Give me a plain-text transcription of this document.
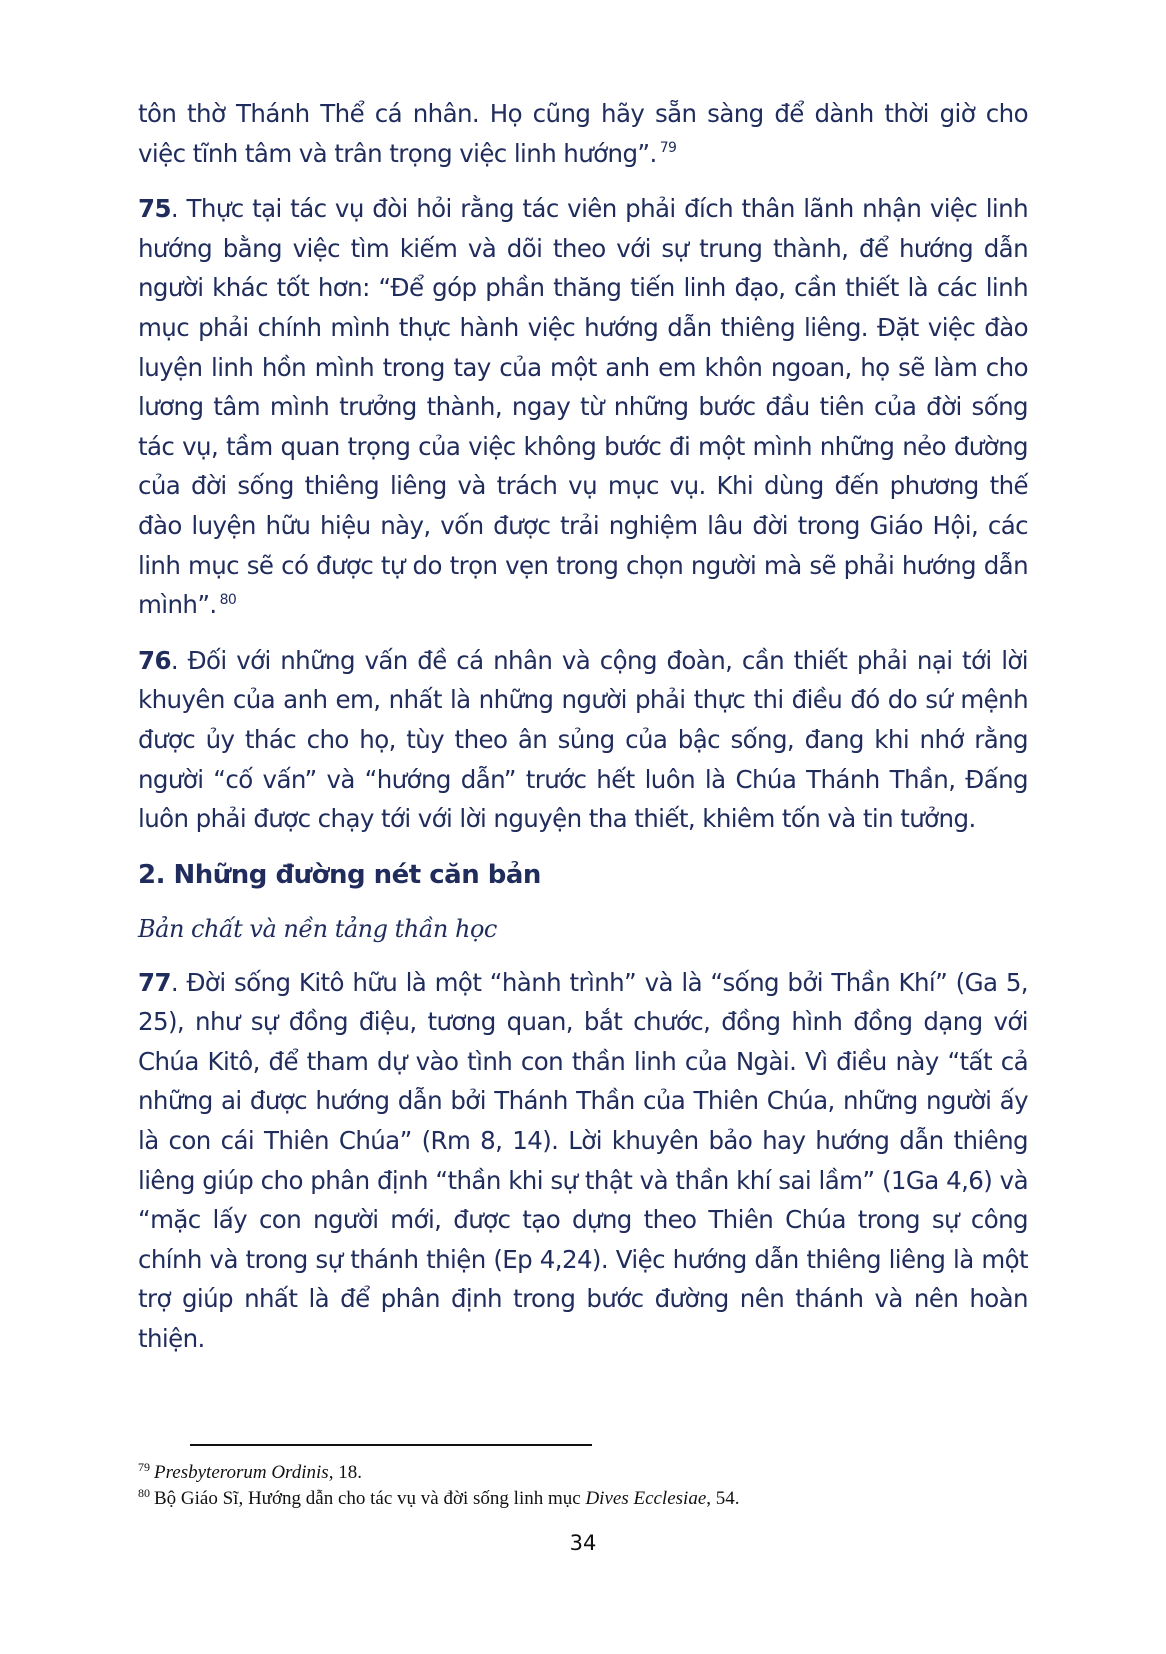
tôn thờ Thánh Thể cá nhân. Họ cũng hãy sẵn sàng để dành thời giờ cho việc tĩnh tâm và trân trọng việc linh hướng”. $^{79}$

75. Thực tại tác vụ đòi hỏi rằng tác viên phải đích thân lãnh nhận việc linh hướng bằng việc tìm kiếm và dõi theo với sự trung thành, để hướng dẫn người khác tốt hơn: “Để góp phần thăng tiến linh đạo, cần thiết là các linh mục phải chính mình thực hành việc hướng dẫn thiêng liêng. Đặt việc đào luyện linh hồn mình trong tay của một anh em khôn ngoan, họ sẽ làm cho lương tâm mình trưởng thành, ngay từ những bước đầu tiên của đời sống tác vụ, tầm quan trọng của việc không bước đi một mình những nẻo đường của đời sống thiêng liêng và trách vụ mục vụ. Khi dùng đến phương thế đào luyện hữu hiệu này, vốn được trải nghiệm lâu đời trong Giáo Hội, các linh mục sẽ có được tự do trọn vẹn trong chọn người mà sẽ phải hướng dẫn mình”. $^{80}$

76. Đối với những vấn đề cá nhân và cộng đoàn, cần thiết phải nại tới lời khuyên của anh em, nhất là những người phải thực thi điều đó do sứ mệnh được ủy thác cho họ, tùy theo ân sủng của bậc sống, đang khi nhớ rằng người “cố vấn” và “hướng dẫn” trước hết luôn là Chúa Thánh Thần, Đấng luôn phải được chạy tới với lời nguyện tha thiết, khiêm tốn và tin tưởng.

2. Những đường nét căn bản

Bản chất và nền tảng thần học

77. Đời sống Kitô hữu là một “hành trình” và là “sống bởi Thần Khí” (Ga 5, 25), như sự đồng điệu, tương quan, bắt chước, đồng hình đồng dạng với Chúa Kitô, để tham dự vào tình con thần linh của Ngài. Vì điều này “tất cả những ai được hướng dẫn bởi Thánh Thần của Thiên Chúa, những người ấy là con cái Thiên Chúa” (Rm 8, 14). Lời khuyên bảo hay hướng dẫn thiêng liêng giúp cho phân định “thần khi sự thật và thần khí sai lầm” (1Ga 4,6) và “mặc lấy con người mới, được tạo dựng theo Thiên Chúa trong sự công chính và trong sự thánh thiện (Ep 4,24). Việc hướng dẫn thiêng liêng là một trợ giúp nhất là để phân định trong bước đường nên thánh và nên hoàn thiện.

$^{79}$ Presbyterorum Ordinis, 18.
$^{80}$ Bộ Giáo Sĩ, Hướng dẫn cho tác vụ và đời sống linh mục Dives Ecclesiae, 54.
34
